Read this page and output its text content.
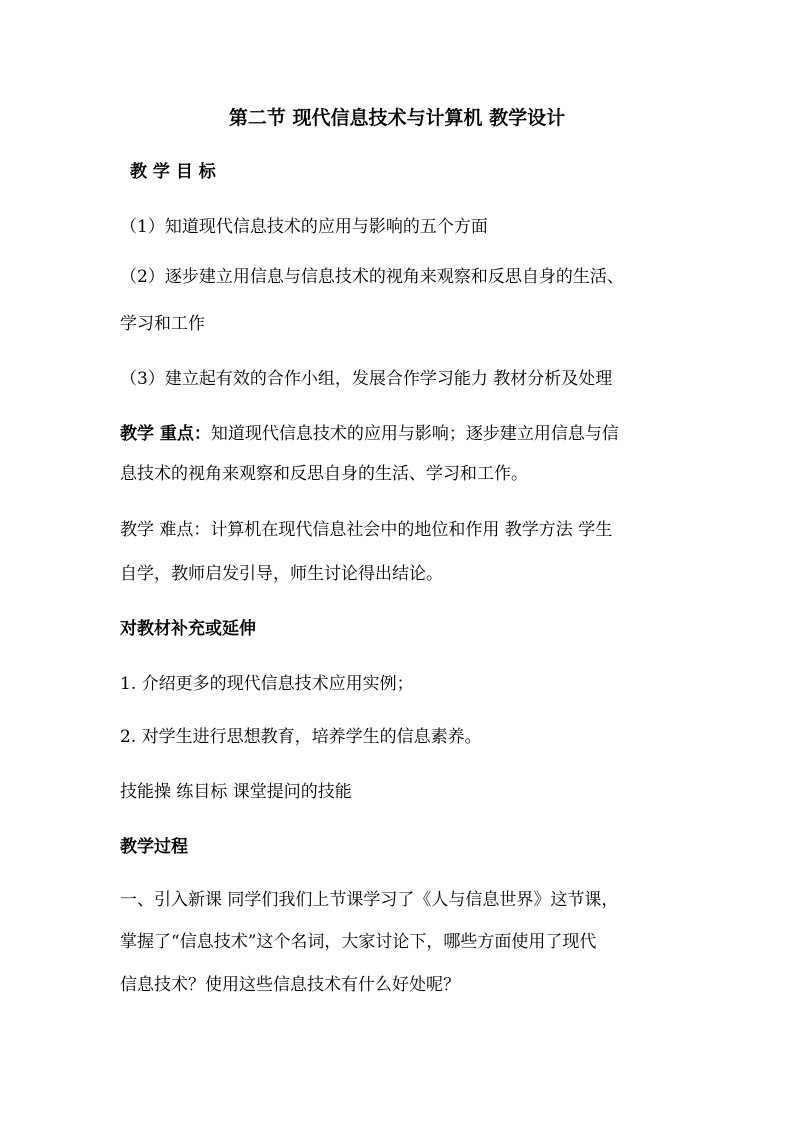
第二节 现代信息技术与计算机 教学设计
教 学 目 标
（1）知道现代信息技术的应用与影响的五个方面
（2）逐步建立用信息与信息技术的视角来观察和反思自身的生活、
学习和工作
（3）建立起有效的合作小组，发展合作学习能力 教材分析及处理
教学 重点：知道现代信息技术的应用与影响；逐步建立用信息与信
息技术的视角来观察和反思自身的生活、学习和工作。
教学 难点：计算机在现代信息社会中的地位和作用 教学方法 学生
自学，教师启发引导，师生讨论得出结论。
对教材补充或延伸
1. 介绍更多的现代信息技术应用实例；
2. 对学生进行思想教育，培养学生的信息素养。
技能操 练目标 课堂提问的技能
教学过程
一、引入新课 同学们我们上节课学习了《人与信息世界》这节课，
掌握了“信息技术”这个名词，大家讨论下，哪些方面使用了现代
信息技术？使用这些信息技术有什么好处呢？
